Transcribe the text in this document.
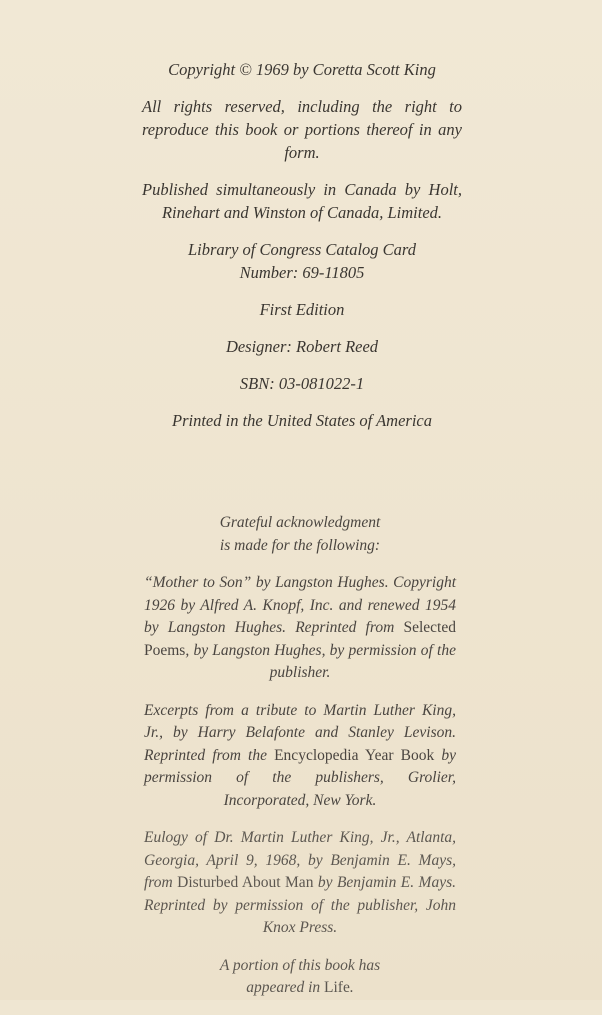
Copyright © 1969 by Coretta Scott King

All rights reserved, including the right to reproduce this book or portions thereof in any form.

Published simultaneously in Canada by Holt, Rinehart and Winston of Canada, Limited.

Library of Congress Catalog Card
Number: 69-11805

First Edition

Designer: Robert Reed

SBN: 03-081022-1

Printed in the United States of America

Grateful acknowledgment
is made for the following:

“Mother to Son” by Langston Hughes. Copyright 1926 by Alfred A. Knopf, Inc. and renewed 1954 by Langston Hughes. Reprinted from Selected Poems, by Langston Hughes, by permission of the publisher.

Excerpts from a tribute to Martin Luther King, Jr., by Harry Belafonte and Stanley Levison. Reprinted from the Encyclopedia Year Book by permission of the publishers, Grolier, Incorporated, New York.

Eulogy of Dr. Martin Luther King, Jr., Atlanta, Georgia, April 9, 1968, by Benjamin E. Mays, from Disturbed About Man by Benjamin E. Mays. Reprinted by permission of the publisher, John Knox Press.

A portion of this book has appeared in Life.
